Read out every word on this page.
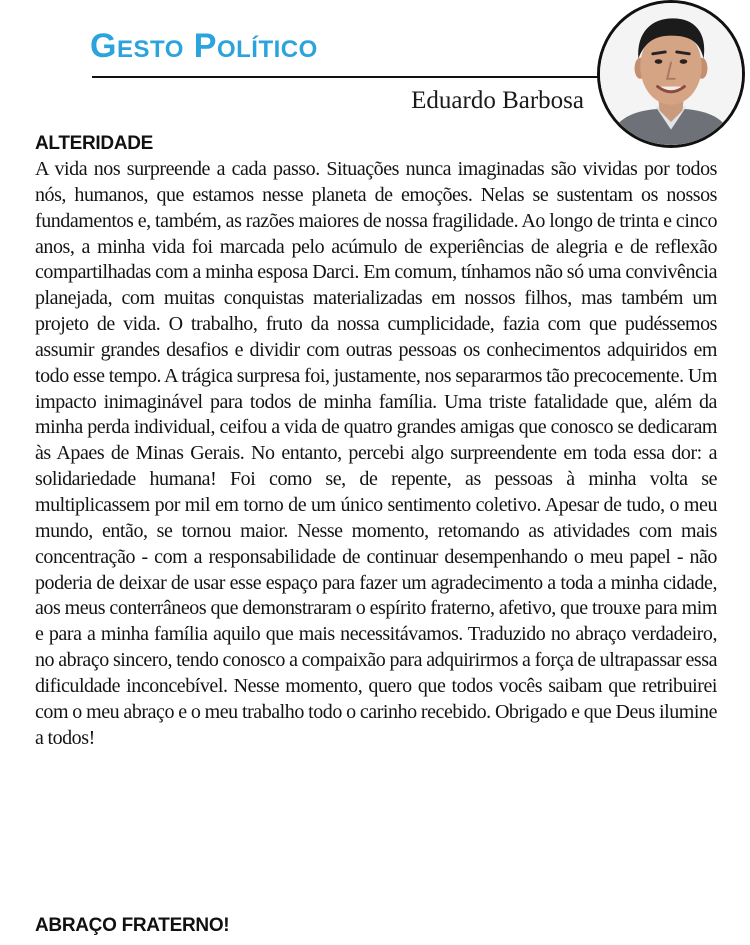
Gesto Político
Eduardo Barbosa
ALTERIDADE

A vida nos surpreende a cada passo. Situações nunca imaginadas são vividas por todos nós, humanos, que estamos nesse planeta de emoções. Nelas se sustentam os nossos fundamentos e, também, as razões maiores de nossa fragilidade. Ao longo de trinta e cinco anos, a minha vida foi marcada pelo acúmulo de experiências de alegria e de reflexão compartilhadas com a minha esposa Darci. Em comum, tínhamos não só uma convivência planejada, com muitas conquistas materializadas em nossos filhos, mas também um projeto de vida. O trabalho, fruto da nossa cumplicidade, fazia com que pudéssemos assumir grandes desafios e dividir com outras pessoas os conhecimentos adquiridos em todo esse tempo. A trágica surpresa foi, justamente, nos separarmos tão precocemente. Um impacto inimaginável para todos de minha família. Uma triste fatalidade que, além da minha perda individual, ceifou a vida de quatro grandes amigas que conosco se dedicaram às Apaes de Minas Gerais. No entanto, percebi algo surpreendente em toda essa dor: a solidariedade humana! Foi como se, de repente, as pessoas à minha volta se multiplicassem por mil em torno de um único sentimento coletivo. Apesar de tudo, o meu mundo, então, se tornou maior. Nesse momento, retomando as atividades com mais concentração - com a responsabilidade de continuar desempenhando o meu papel - não poderia de deixar de usar esse espaço para fazer um agradecimento a toda a minha cidade, aos meus conterrâneos que demonstraram o espírito fraterno, afetivo, que trouxe para mim e para a minha família aquilo que mais necessitávamos. Traduzido no abraço verdadeiro, no abraço sincero, tendo conosco a compaixão para adquirirmos a força de ultrapassar essa dificuldade inconcebível. Nesse momento, quero que todos vocês saibam que retribuirei com o meu abraço e o meu trabalho todo o carinho recebido. Obrigado e que Deus ilumine a todos!

ABRAÇO FRATERNO!
